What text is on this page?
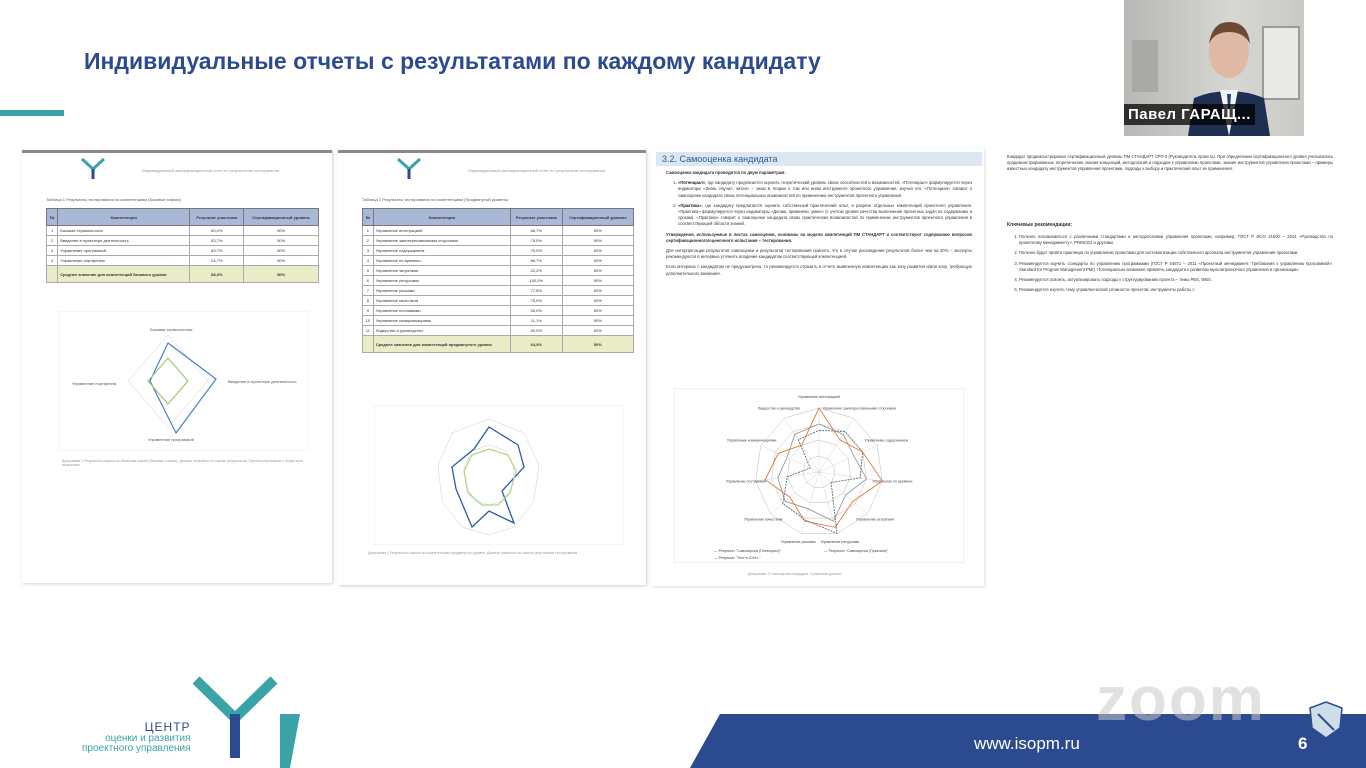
Индивидуальные отчеты с результатами по каждому кандидату
Индивидуальный квалификационный отчет по результатам тестирования
Таблица 1 Результаты тестирования по компетенциям (Базовые знания)
№	Компетенция	Результат участника	Сертификационный уровень
1	Базовая терминология	60,0%	50%
2	Введение в проектную деятельность	83,7%	50%
3	Управление программой	83,7%	50%
4	Управление портфелем	24,7%	50%
	Среднее значение для компетенций базового уровня	68,3%	50%
Базовая терминология
Введение в проектную деятельность
Управление программой
Управление портфелем
Диаграмма 1 Результаты оценки по областям знаний (базовые знания). Данные отмечены по оценке результатов. Оценка результатов с открытыми вопросами
Индивидуальный квалификационный отчет по результатам тестирования
Таблица 2 Результаты тестирования по компетенциям (Продвинутый уровень)
№	Компетенция	Результат участника	Сертификационный уровень
1	Управление интеграцией	66,7%	50%
2	Управление заинтересованными сторонами	75,0%	50%
3	Управление содержанием	75,0%	50%
4	Управление по времени	66,7%	50%
5	Управление затратами	22,2%	50%
6	Управление ресурсами	100,0%	50%
7	Управление рисками	77,8%	50%
8	Управление качеством	75,0%	50%
9	Управление поставками	50,0%	50%
10	Управление коммуникациями	11,1%	50%
11	Лидерство и руководство	60,0%	50%
	Среднее значение для компетенций продвинутого уровня	64,3%	50%
Диаграмма 2 Результаты оценки по компетенциям продвинутого уровня. Данные отмечены по оценке результатов тестирования
3.2. Самооценка кандидата
Самооценка кандидата проводится по двум параметрам:
1. «Потенциал», где кандидату предлагается оценить теоретический уровень своих способностей и возможностей. «Потенциал» формулируется через индикаторы «Знаю, изучал, читал» – знаю в теории о том или ином инструменте проектного управления, изучал его. «Потенциал» говорит о самооценке кандидата своих потенциальных возможностей по применению инструментов проектного управления.
2. «Практика», где кандидату предлагается оценить собственный практический опыт, в разрезе отдельных компетенций проектного управления. «Практика» формулируется через индикаторы «Делаю, применяю, умею» (с учетом уровня качества выполнения проектных задач по содержанию и срокам). «Практика» говорит о самооценке кандидата своих практических возможностей по применению инструментов проектного управления в соответствующей области знаний.
Утверждения, используемые в листах самооценки, основаны на модели компетенций ПМ СТАНДАРТ и соответствуют содержанию вопросов сертификационного/оценочного испытания – тестирования.
Для интерпретации результатов самооценки и результатов тестирования принято, что в случае расхождения результатов более чем на 40% – эксперты рекомендуются в интервью уточнить владение кандидатом соответствующей компетенцией.
Если интервью с кандидатом не предусмотрено, то рекомендуется отразить в отчете выявленную компетенцию как зону развития и/или зону, требующую дополнительного внимания.
Управление интеграцией
Управление заинтересованными сторонами
Управление содержанием
Управление по времени
Управление затратами
Управление ресурсами
Управление рисками
Управление качеством
Управление поставками
Управление коммуникациями
Лидерство и руководство
— Результат "Самооценка (Потенциал)"	— Результат "Самооценка (Практика)"
— Результат "Тест в 2018 г."
Диаграмма 3 Самооценка кандидата. Сравнение данных
Кандидат продемонстрировал сертификационный уровень ПМ СТАНДАРТ СРП-3 (Руководитель проекта). При определении сертификационного уровня учитывались продемонстрированные теоретические знания концепций, методологий и подходов к управлению проектами, знание инструментов управления проектами – примеры известных кандидату инструментов управления проектами, подходы к выбору и практический опыт их применения.
Ключевые рекомендации:
1. Полезно познакомиться с различными стандартами и методологиями управления проектами, например, ГОСТ Р ИСО 21500 – 2014 «Руководство по проектному менеджменту», PRINCE2 и другими.
2. Полезно будет пройти практикум по управлению проектами для систематизации собственного арсенала инструментов управления проектами.
3. Рекомендуется изучить стандарты по управлению программами (ГОСТ Р 54871 – 2011 «Проектный менеджмент. Требования к управлению программой», Standard for Program Management PMI). Потенциально возможно привлечь кандидата к развитию мультипроектного управления в организации.
4. Рекомендуется освоить, актуализировать подходы к структурированию проекта – темы PBS, WBS.
5. Рекомендуется изучить тему управленческой сложности проектов, инструменты работы с
Павел ГАРАЩ...
ЦЕНТР
оценки и развития
проектного управления
zoom
www.isopm.ru	6
